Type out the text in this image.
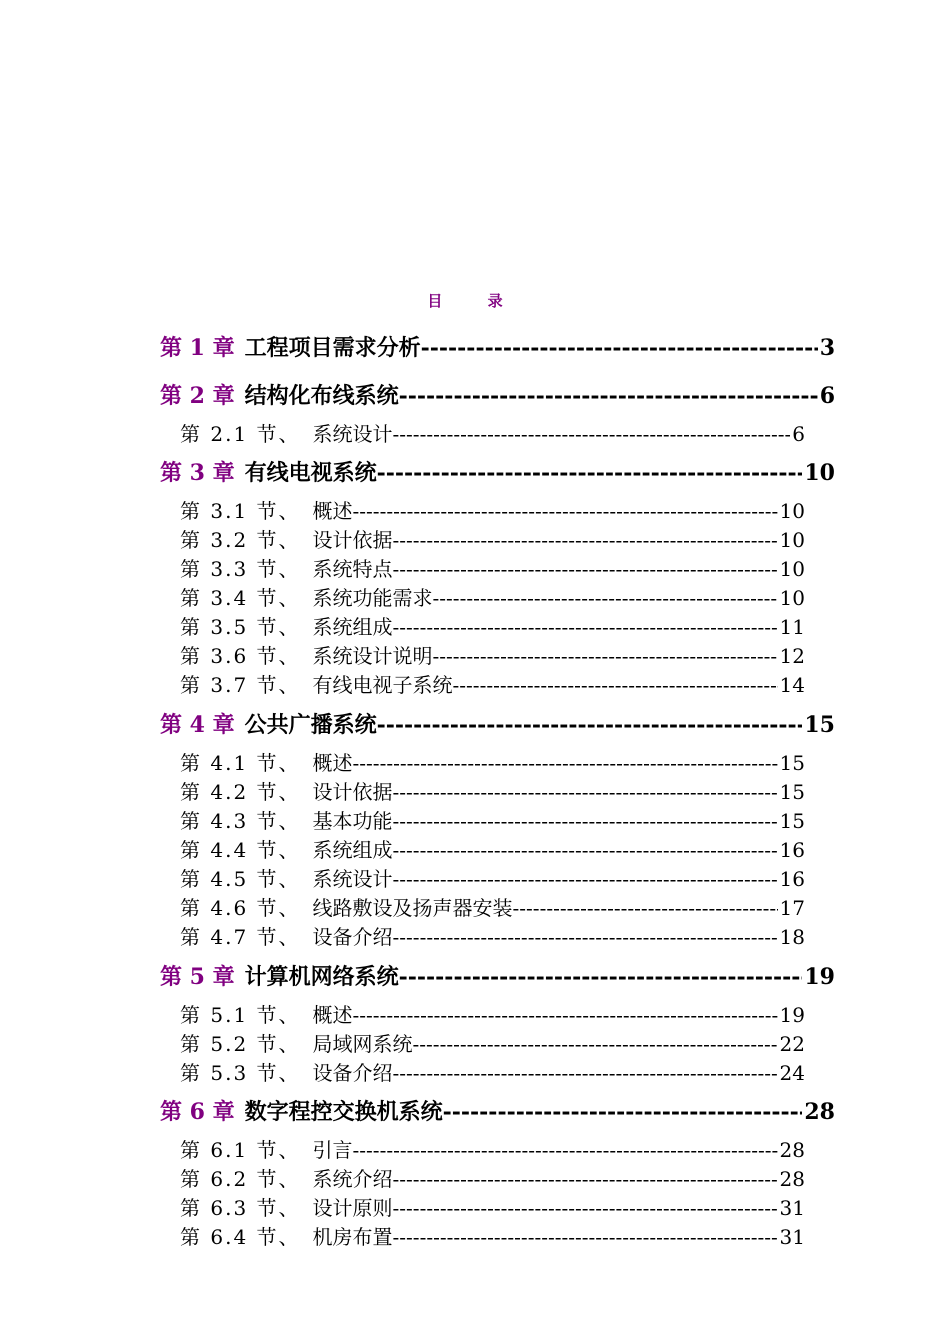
目 录
第 1 章 工程项目需求分析 -----	3
第 2 章 结构化布线系统 -----	6
第 2.1 节、 系统设计 -----	6
第 3 章 有线电视系统 -----	10
第 3.1 节、 概述 -----	10
第 3.2 节、 设计依据 -----	10
第 3.3 节、 系统特点 -----	10
第 3.4 节、 系统功能需求 -----	10
第 3.5 节、 系统组成 -----	11
第 3.6 节、 系统设计说明 -----	12
第 3.7 节、 有线电视子系统 -----	14
第 4 章 公共广播系统 -----	15
第 4.1 节、 概述 -----	15
第 4.2 节、 设计依据 -----	15
第 4.3 节、 基本功能 -----	15
第 4.4 节、 系统组成 -----	16
第 4.5 节、 系统设计 -----	16
第 4.6 节、 线路敷设及扬声器安装 -----	17
第 4.7 节、 设备介绍 -----	18
第 5 章 计算机网络系统 -----	19
第 5.1 节、 概述 -----	19
第 5.2 节、 局域网系统 -----	22
第 5.3 节、 设备介绍 -----	24
第 6 章 数字程控交换机系统 -----	28
第 6.1 节、 引言 -----	28
第 6.2 节、 系统介绍 -----	28
第 6.3 节、 设计原则 -----	31
第 6.4 节、 机房布置 -----	31
